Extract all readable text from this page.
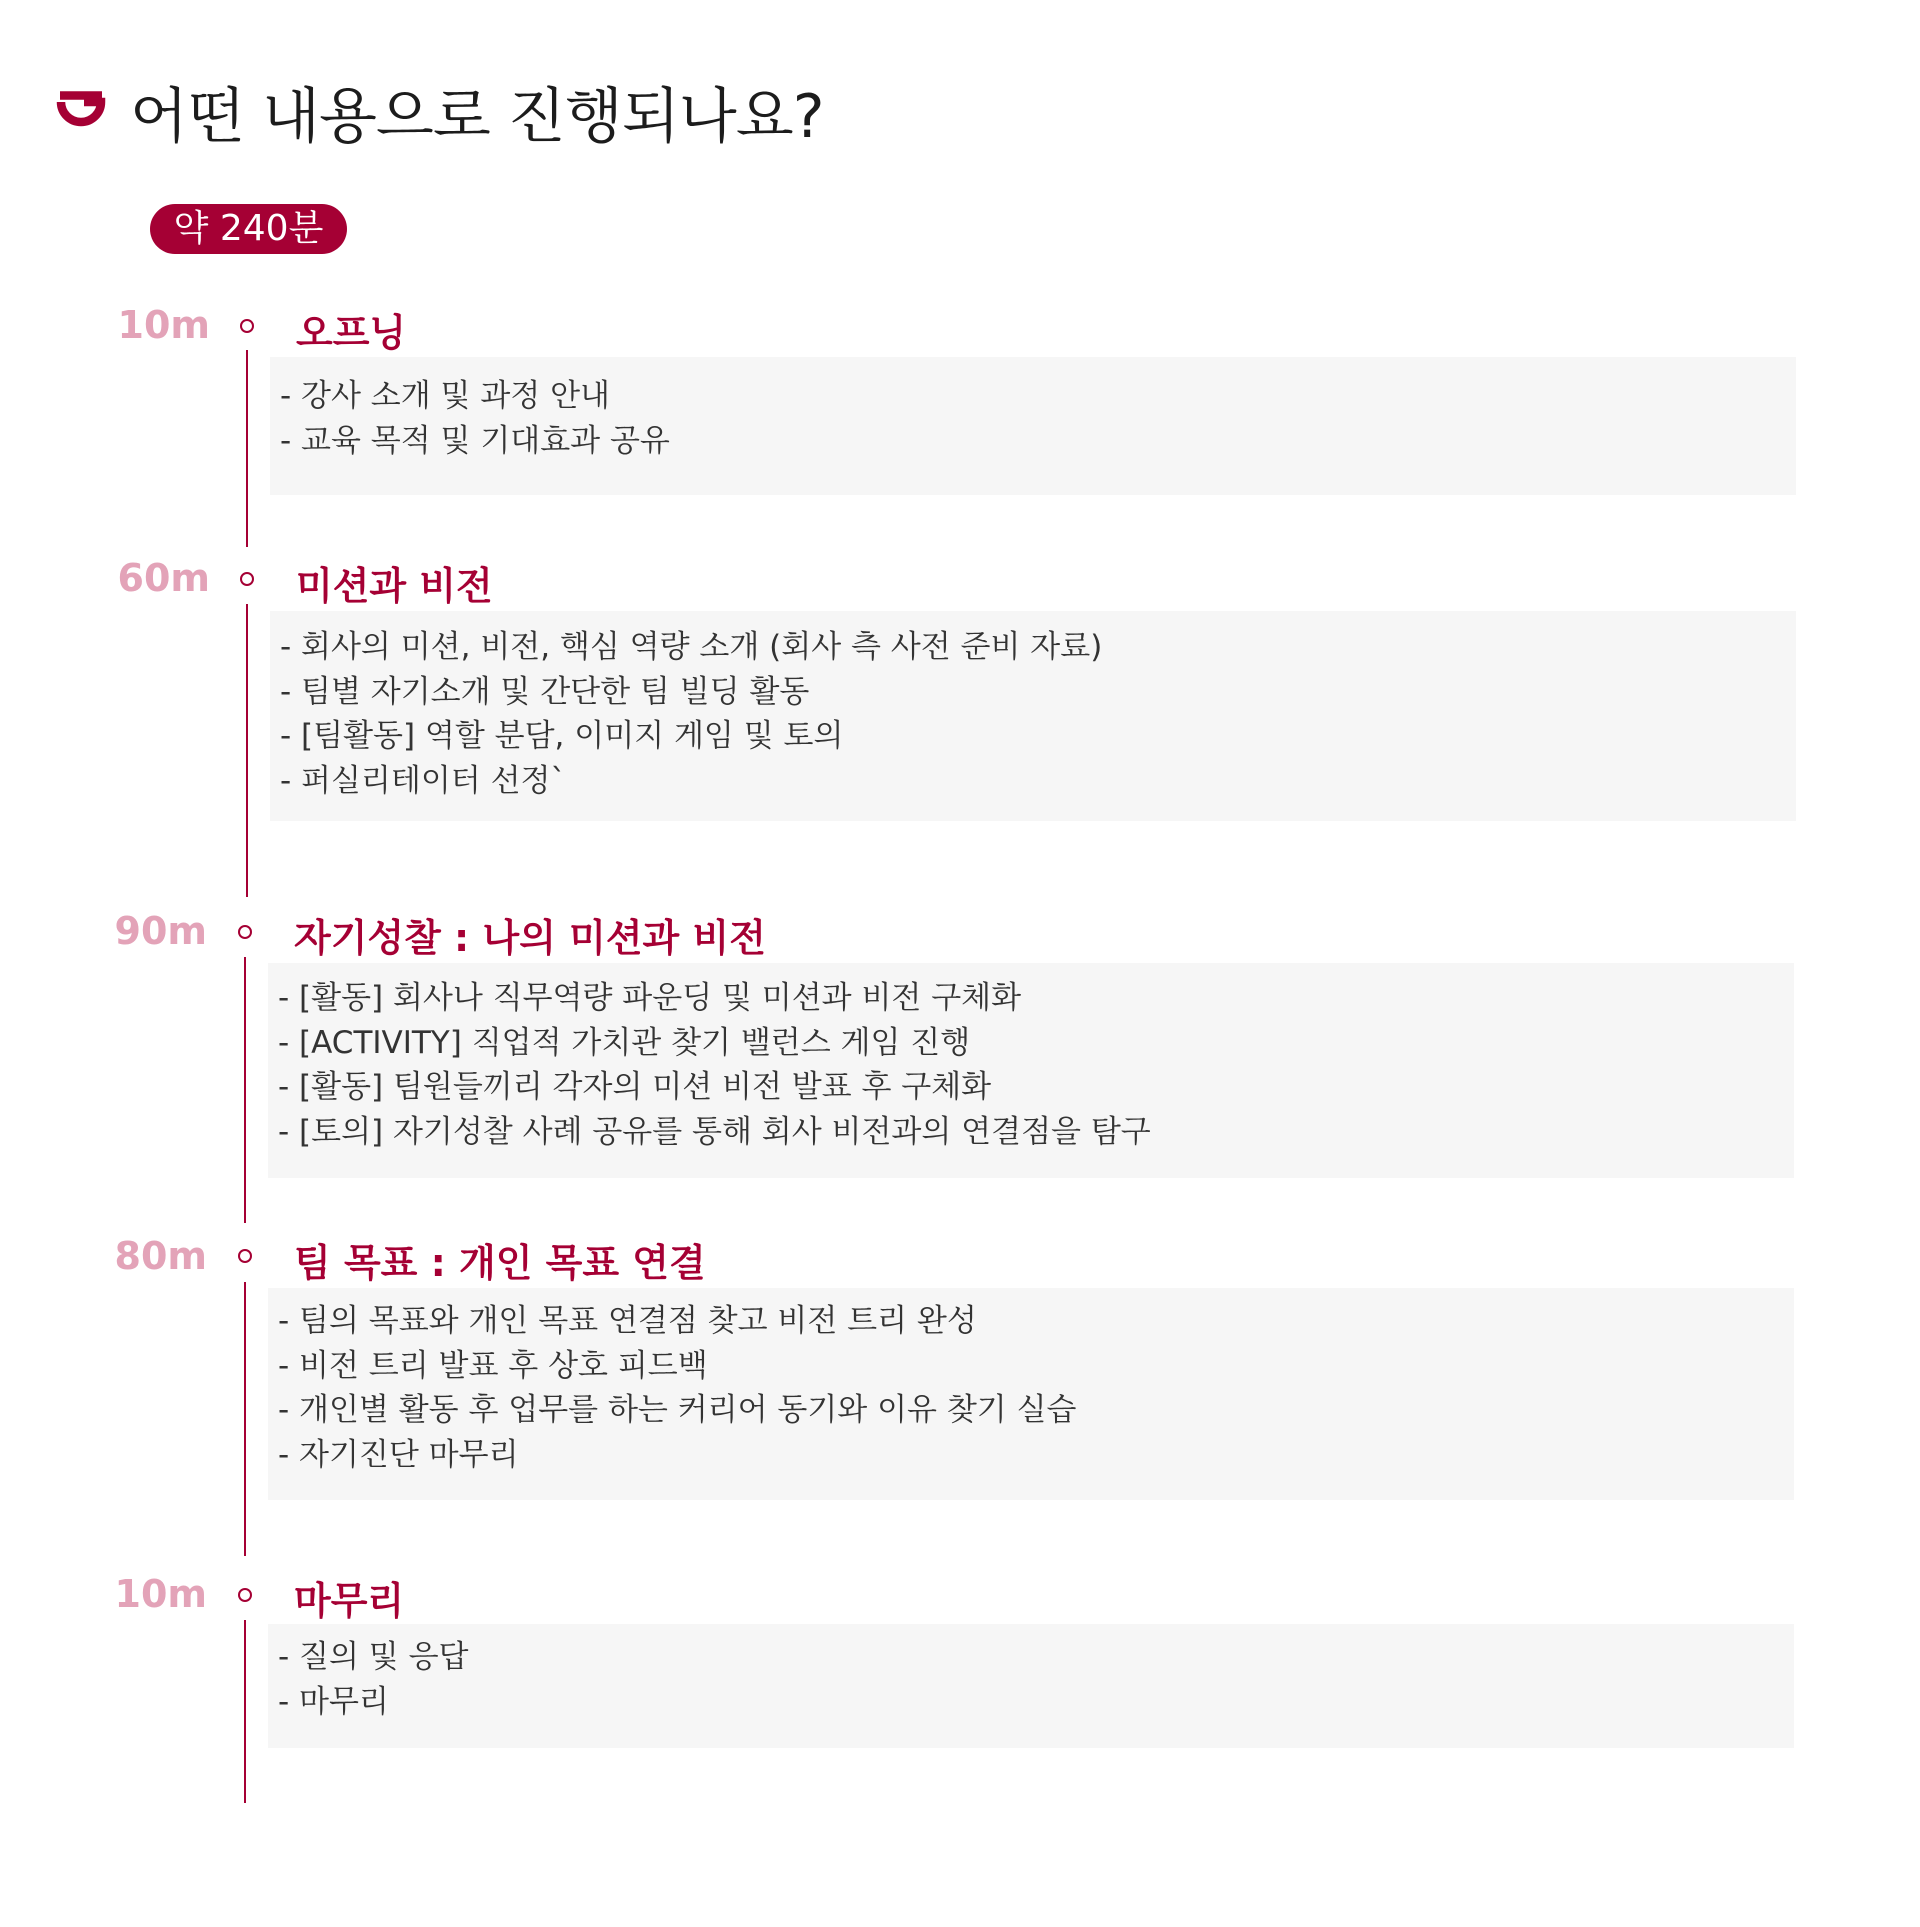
어떤 내용으로 진행되나요?
약 240분
10m 오프닝
- 강사 소개 및 과정 안내
- 교육 목적 및 기대효과 공유
60m 미션과 비전
- 회사의 미션, 비전, 핵심 역량 소개 (회사 측 사전 준비 자료)
- 팀별 자기소개 및 간단한 팀 빌딩 활동
- [팀활동] 역할 분담, 이미지 게임 및 토의
- 퍼실리테이터 선정`
90m 자기성찰 : 나의 미션과 비전
- [활동] 회사나 직무역량 파운딩 및 미션과 비전 구체화
- [ACTIVITY] 직업적 가치관 찾기 밸런스 게임 진행
- [활동] 팀원들끼리 각자의 미션 비전 발표 후 구체화
- [토의] 자기성찰 사례 공유를 통해 회사 비전과의 연결점을 탐구
80m 팀 목표 : 개인 목표 연결
- 팀의 목표와 개인 목표 연결점 찾고 비전 트리 완성
- 비전 트리 발표 후 상호 피드백
- 개인별 활동 후 업무를 하는 커리어 동기와 이유 찾기 실습
- 자기진단 마무리
10m 마무리
- 질의 및 응답
- 마무리
